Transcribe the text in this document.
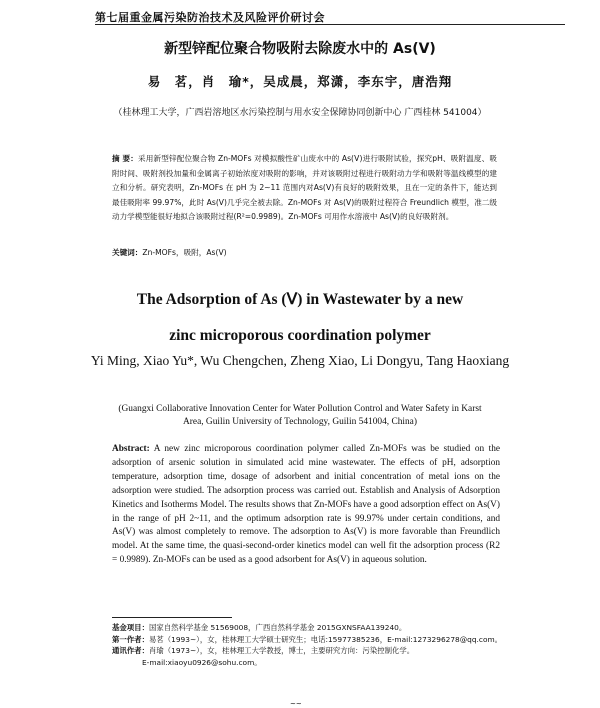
第七届重金属污染防治技术及风险评价研讨会
新型锌配位聚合物吸附去除废水中的 As(Ⅴ)
易　茗，肖　瑜*，吴成晨，郑潇，李东宇，唐浩翔
（桂林理工大学，广西岩溶地区水污染控制与用水安全保障协同创新中心 广西桂林 541004）
摘 要：采用新型锌配位聚合物 Zn-MOFs 对模拟酸性矿山废水中的 As(Ⅴ)进行吸附试验，探究pH、吸附温度、吸附时间、吸附剂投加量和金属离子初始浓度对吸附的影响，并对该吸附过程进行吸附动力学和吸附等温线模型的建立和分析。研究表明，Zn-MOFs 在 pH 为 2~11 范围内对As(Ⅴ)有良好的吸附效果，且在一定的条件下，能达到最佳吸附率 99.97%，此时 As(Ⅴ)几乎完全被去除。Zn-MOFs 对 As(Ⅴ)的吸附过程符合 Freundlich 模型，准二级动力学模型能很好地拟合该吸附过程(R²=0.9989)。Zn-MOFs 可用作水溶液中 As(Ⅴ)的良好吸附剂。
关键词：Zn-MOFs，吸附，As(Ⅴ)
The Adsorption of As (Ⅴ) in Wastewater by a new
zinc microporous coordination polymer
Yi Ming, Xiao Yu*, Wu Chengchen, Zheng Xiao, Li Dongyu, Tang Haoxiang
(Guangxi Collaborative Innovation Center for Water Pollution Control and Water Safety in Karst Area, Guilin University of Technology, Guilin 541004, China)
Abstract: A new zinc microporous coordination polymer called Zn-MOFs was be studied on the adsorption of arsenic solution in simulated acid mine wastewater. The effects of pH, adsorption temperature, adsorption time, dosage of adsorbent and initial concentration of metal ions on the adsorption were studied. The adsorption process was carried out. Establish and Analysis of Adsorption Kinetics and Isotherms Model. The results shows that Zn-MOFs have a good adsorption effect on As(V) in the range of pH 2~11, and the optimum adsorption rate is 99.97% under certain conditions, and As(V) was almost completely to remove. The adsorption to As(V) is more favorable than Freundlich model. At the same time, the quasi-second-order kinetics model can well fit the adsorption process (R2 = 0.9989). Zn-MOFs can be used as a good adsorbent for As(V) in aqueous solution.
基金项目：国家自然科学基金 51569008，广西自然科学基金 2015GXNSFAA139240。
第一作者：易茗（1993~），女，桂林理工大学硕士研究生；电话:15977385236，E-mail:1273296278@qq.com。
通讯作者：肖瑜（1973~），女，桂林理工大学教授，博士，主要研究方向：污染控制化学。
E-mail:xiaoyu0926@sohu.com。
~~
